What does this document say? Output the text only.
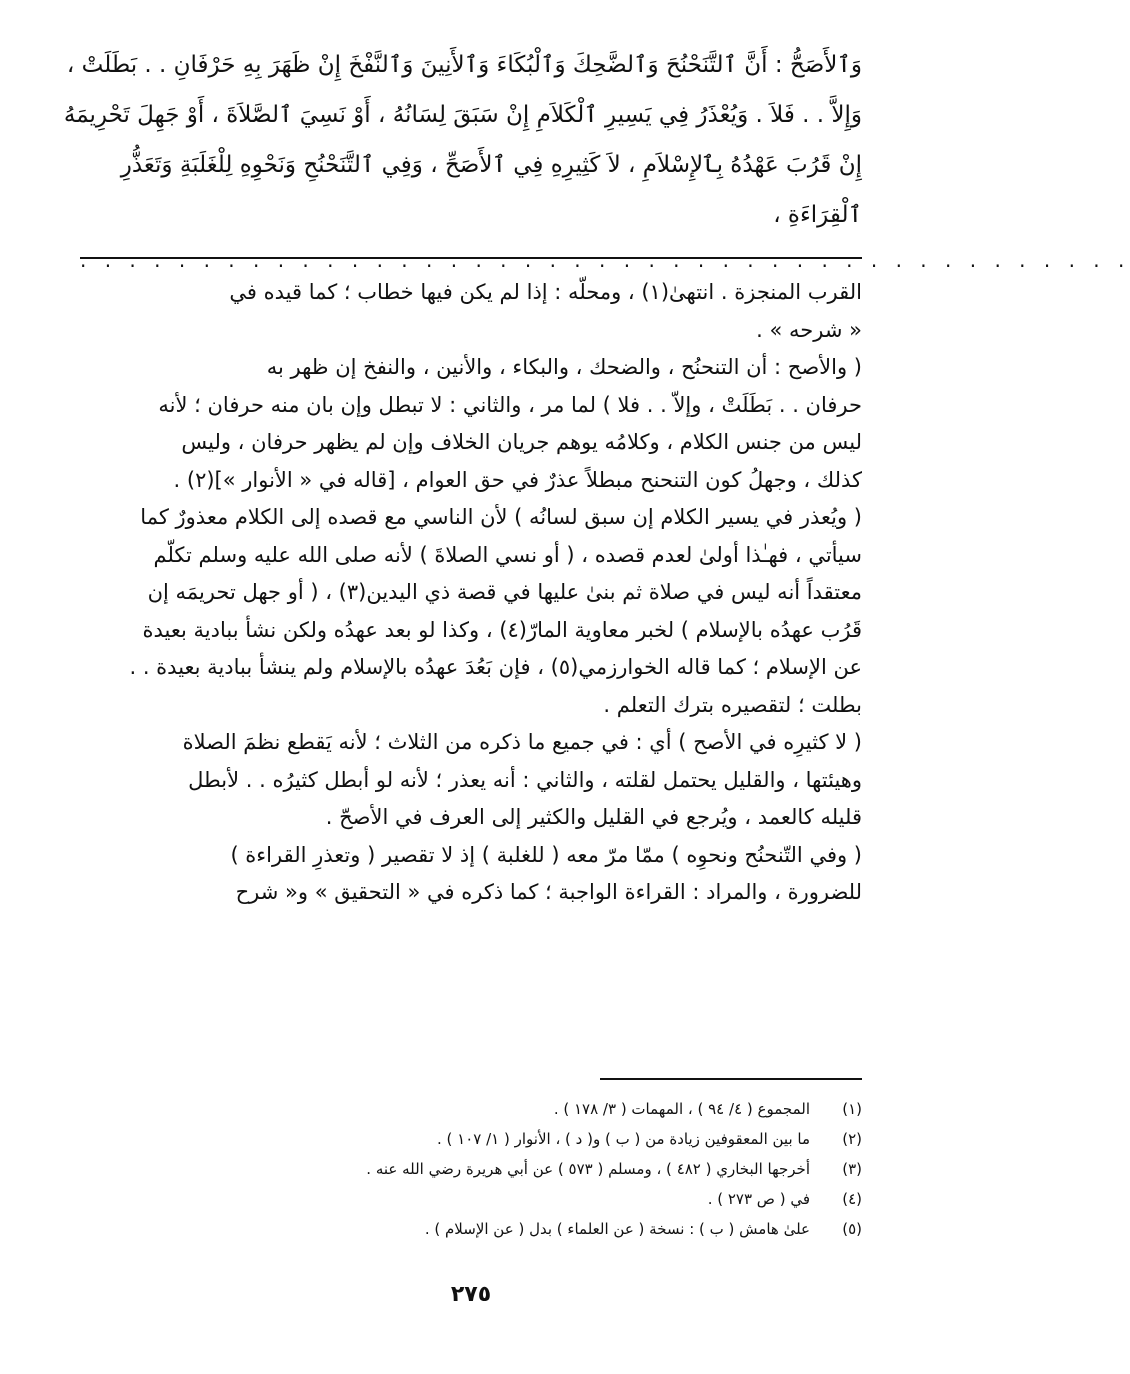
وَٱلأَصَحُّ : أَنَّ ٱلتَّنَحْنُحَ وَٱلضَّحِكَ وَٱلْبُكَاءَ وَٱلأَنِينَ وَٱلنَّفْخَ إِنْ ظَهَرَ بِهِ حَرْفَانِ . . بَطَلَتْ ،
وَإِلاَّ . . فَلاَ . وَيُعْذَرُ فِي يَسِيرِ ٱلْكَلاَمِ إِنْ سَبَقَ لِسَانُهُ ، أَوْ نَسِيَ ٱلصَّلاَةَ ، أَوْ جَهِلَ تَحْرِيمَهُ
إِنْ قَرُبَ عَهْدُهُ بِٱلإِسْلاَمِ ، لاَ كَثِيرِهِ فِي ٱلأَصَحِّ ، وَفِي ٱلتَّنَحْنُحِ وَنَحْوِهِ لِلْغَلَبَةِ وَتَعَذُّرِ
ٱلْقِرَاءَةِ ،
. . . . . . . . . . . . . . . . . . . . . . . . . . . . . . . . . . . . . . . . . . .
القرب المنجزة . انتهىٰ(١) ، ومحلّه : إذا لم يكن فيها خطاب ؛ كما قيده في
« شرحه » .
( والأصح : أن التنحنُح ، والضحك ، والبكاء ، والأنين ، والنفخ إن ظهر به
حرفان . . بَطَلَتْ ، وإلاّ . . فلا ) لما مر ، والثاني : لا تبطل وإن بان منه حرفان ؛ لأنه
ليس من جنس الكلام ، وكلامُه يوهم جريان الخلاف وإن لم يظهر حرفان ، وليس
كذلك ، وجهلُ كون التنحنح مبطلاً عذرٌ في حق العوام ، [قاله في « الأنوار »](٢) .
( ويُعذر في يسير الكلام إن سبق لسانُه ) لأن الناسي مع قصده إلى الكلام معذورٌ كما
سيأتي ، فهـٰذا أولىٰ لعدم قصده ، ( أو نسي الصلاةَ ) لأنه صلى الله عليه وسلم تكلّم
معتقداً أنه ليس في صلاة ثم بنىٰ عليها في قصة ذي اليدين(٣) ، ( أو جهل تحريمَه إن
قَرُب عهدُه بالإسلام ) لخبر معاوية المارّ(٤) ، وكذا لو بعد عهدُه ولكن نشأ ببادية بعيدة
عن الإسلام ؛ كما قاله الخوارزمي(٥) ، فإن بَعُدَ عهدُه بالإسلام ولم ينشأ ببادية بعيدة . .
بطلت ؛ لتقصيره بترك التعلم .
( لا كثيرِه في الأصح ) أي : في جميع ما ذكره من الثلاث ؛ لأنه يَقطع نظمَ الصلاة
وهيئتها ، والقليل يحتمل لقلته ، والثاني : أنه يعذر ؛ لأنه لو أبطل كثيرُه . . لأبطل
قليله كالعمد ، ويُرجع في القليل والكثير إلى العرف في الأصحّ .
( وفي التّنحنُح ونحوِه ) ممّا مرّ معه ( للغلبة ) إذ لا تقصير ( وتعذرِ القراءة )
للضرورة ، والمراد : القراءة الواجبة ؛ كما ذكره في « التحقيق » و« شرح
(١)
المجموع ( ٤/ ٩٤ ) ، المهمات ( ٣/ ١٧٨ ) .
(٢)
ما بين المعقوفين زيادة من ( ب ) و( د ) ، الأنوار ( ١/ ١٠٧ ) .
(٣)
أخرجها البخاري ( ٤٨٢ ) ، ومسلم ( ٥٧٣ ) عن أبي هريرة رضي الله عنه .
(٤)
في ( ص ٢٧٣ ) .
(٥)
علىٰ هامش ( ب ) : نسخة ( عن العلماء ) بدل ( عن الإسلام ) .
٢٧٥
